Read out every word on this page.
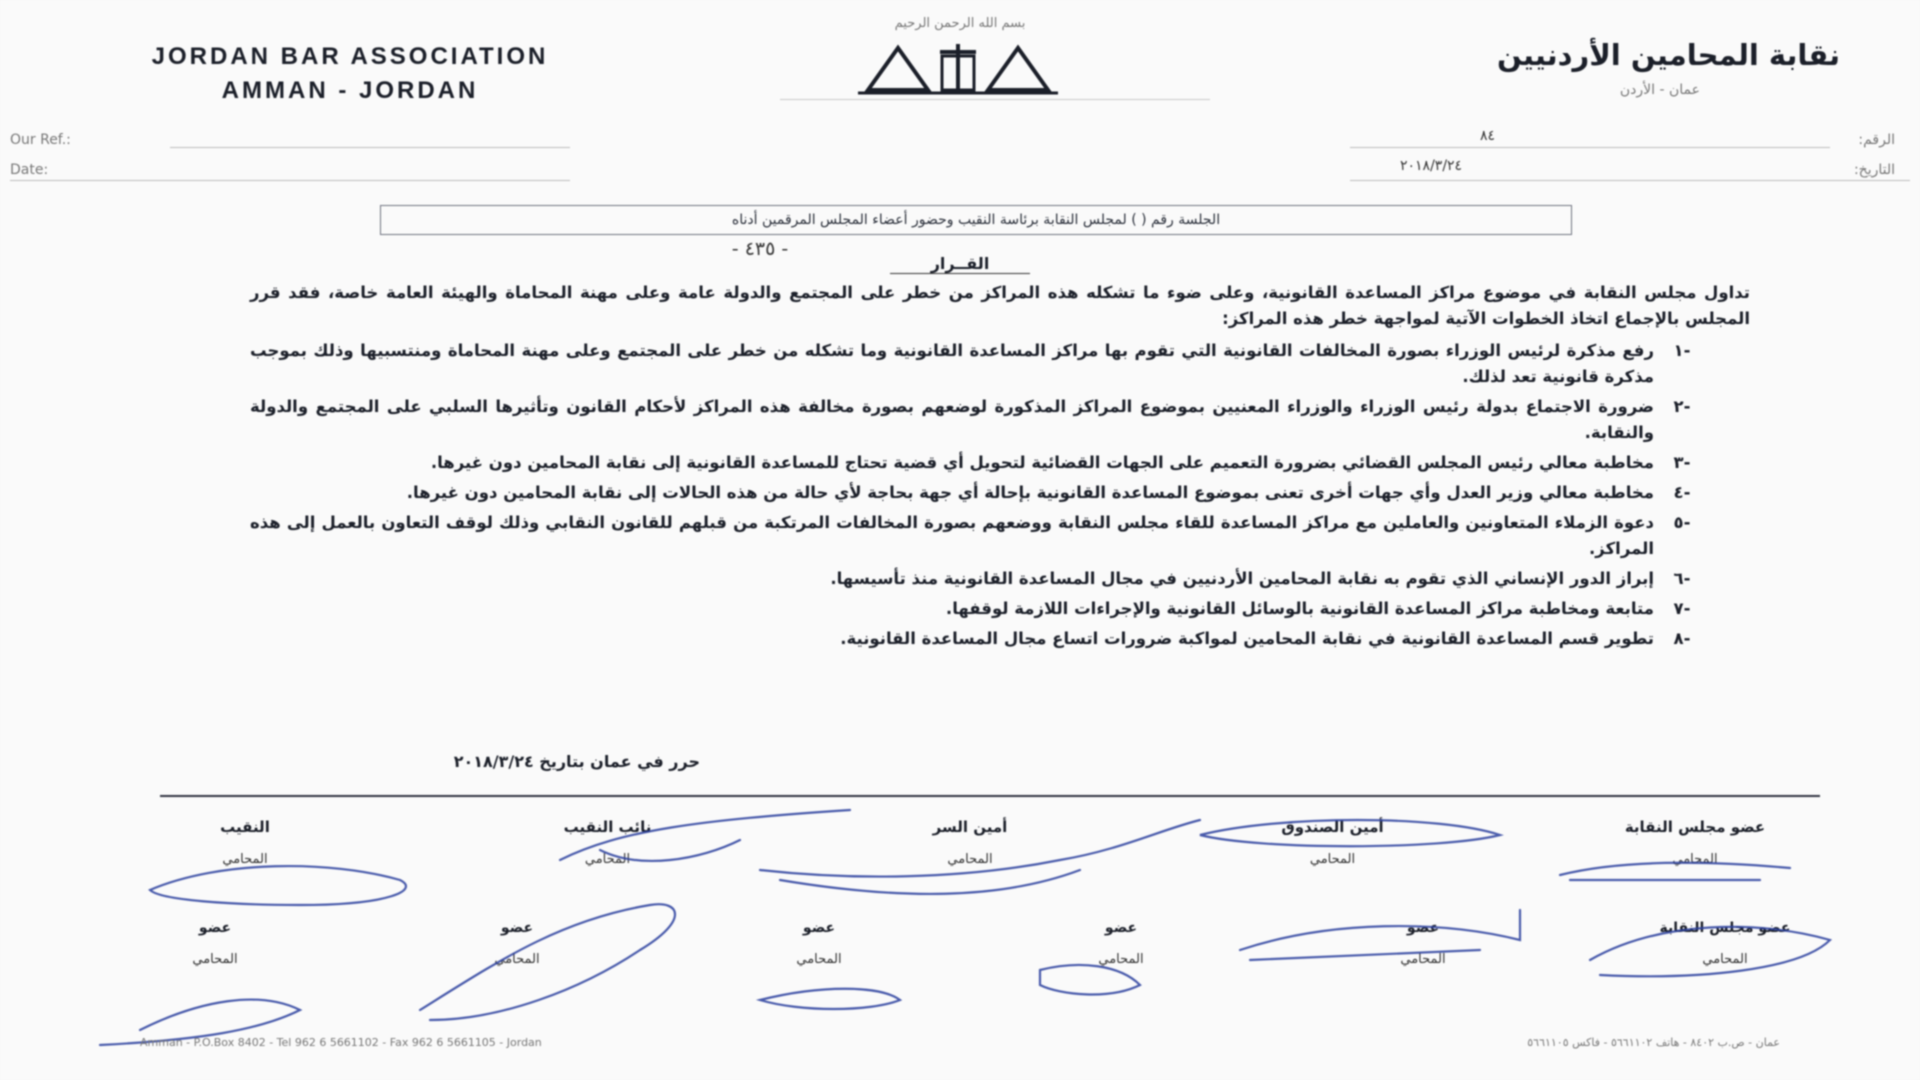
بسم الله الرحمن الرحيم
JORDAN BAR ASSOCIATION
AMMAN - JORDAN
نقابة المحامين الأردنيين
عمان - الأردن
Our Ref.:
Date:
الرقم:
٨٤
التاريخ:
٢٠١٨/٣/٢٤
الجلسة رقم ( ) لمجلس النقابة برئاسة النقيب وحضور أعضاء المجلس المرقمين أدناه
- ٤٣٥ -
القــرار

تداول مجلس النقابة في موضوع مراكز المساعدة القانونية، وعلى ضوء ما تشكله هذه المراكز من خطر على المجتمع والدولة عامة وعلى مهنة المحاماة والهيئة العامة خاصة، فقد قرر المجلس بالإجماع اتخاذ الخطوات الآتية لمواجهة خطر هذه المراكز:

-١
رفع مذكرة لرئيس الوزراء بصورة المخالفات القانونية التي تقوم بها مراكز المساعدة القانونية وما تشكله من خطر على المجتمع وعلى مهنة المحاماة ومنتسبيها وذلك بموجب مذكرة قانونية تعد لذلك.
-٢
ضرورة الاجتماع بدولة رئيس الوزراء والوزراء المعنيين بموضوع المراكز المذكورة لوضعهم بصورة مخالفة هذه المراكز لأحكام القانون وتأثيرها السلبي على المجتمع والدولة والنقابة.
-٣
مخاطبة معالي رئيس المجلس القضائي بضرورة التعميم على الجهات القضائية لتحويل أي قضية تحتاج للمساعدة القانونية إلى نقابة المحامين دون غيرها.
-٤
مخاطبة معالي وزير العدل وأي جهات أخرى تعنى بموضوع المساعدة القانونية بإحالة أي جهة بحاجة لأي حالة من هذه الحالات إلى نقابة المحامين دون غيرها.
-٥
دعوة الزملاء المتعاونين والعاملين مع مراكز المساعدة للقاء مجلس النقابة ووضعهم بصورة المخالفات المرتكبة من قبلهم للقانون النقابي وذلك لوقف التعاون بالعمل إلى هذه المراكز.
-٦
إبراز الدور الإنساني الذي تقوم به نقابة المحامين الأردنيين في مجال المساعدة القانونية منذ تأسيسها.
-٧
متابعة ومخاطبة مراكز المساعدة القانونية بالوسائل القانونية والإجراءات اللازمة لوقفها.
-٨
تطوير قسم المساعدة القانونية في نقابة المحامين لمواكبة ضرورات اتساع مجال المساعدة القانونية.
حرر في عمان بتاريخ ٢٠١٨/٣/٢٤
عضو مجلس النقابة
المحامي
أمين الصندوق
المحامي
أمين السر
المحامي
نائب النقيب
المحامي
النقيب
المحامي
عضو مجلس النقابة
المحامي
عضو
المحامي
عضو
المحامي
عضو
المحامي
عضو
المحامي
عضو
المحامي
Amman - P.O.Box 8402 - Tel 962 6 5661102 - Fax 962 6 5661105 - Jordan	عمان - ص.ب ٨٤٠٢ - هاتف ٥٦٦١١٠٢ - فاكس ٥٦٦١١٠٥
